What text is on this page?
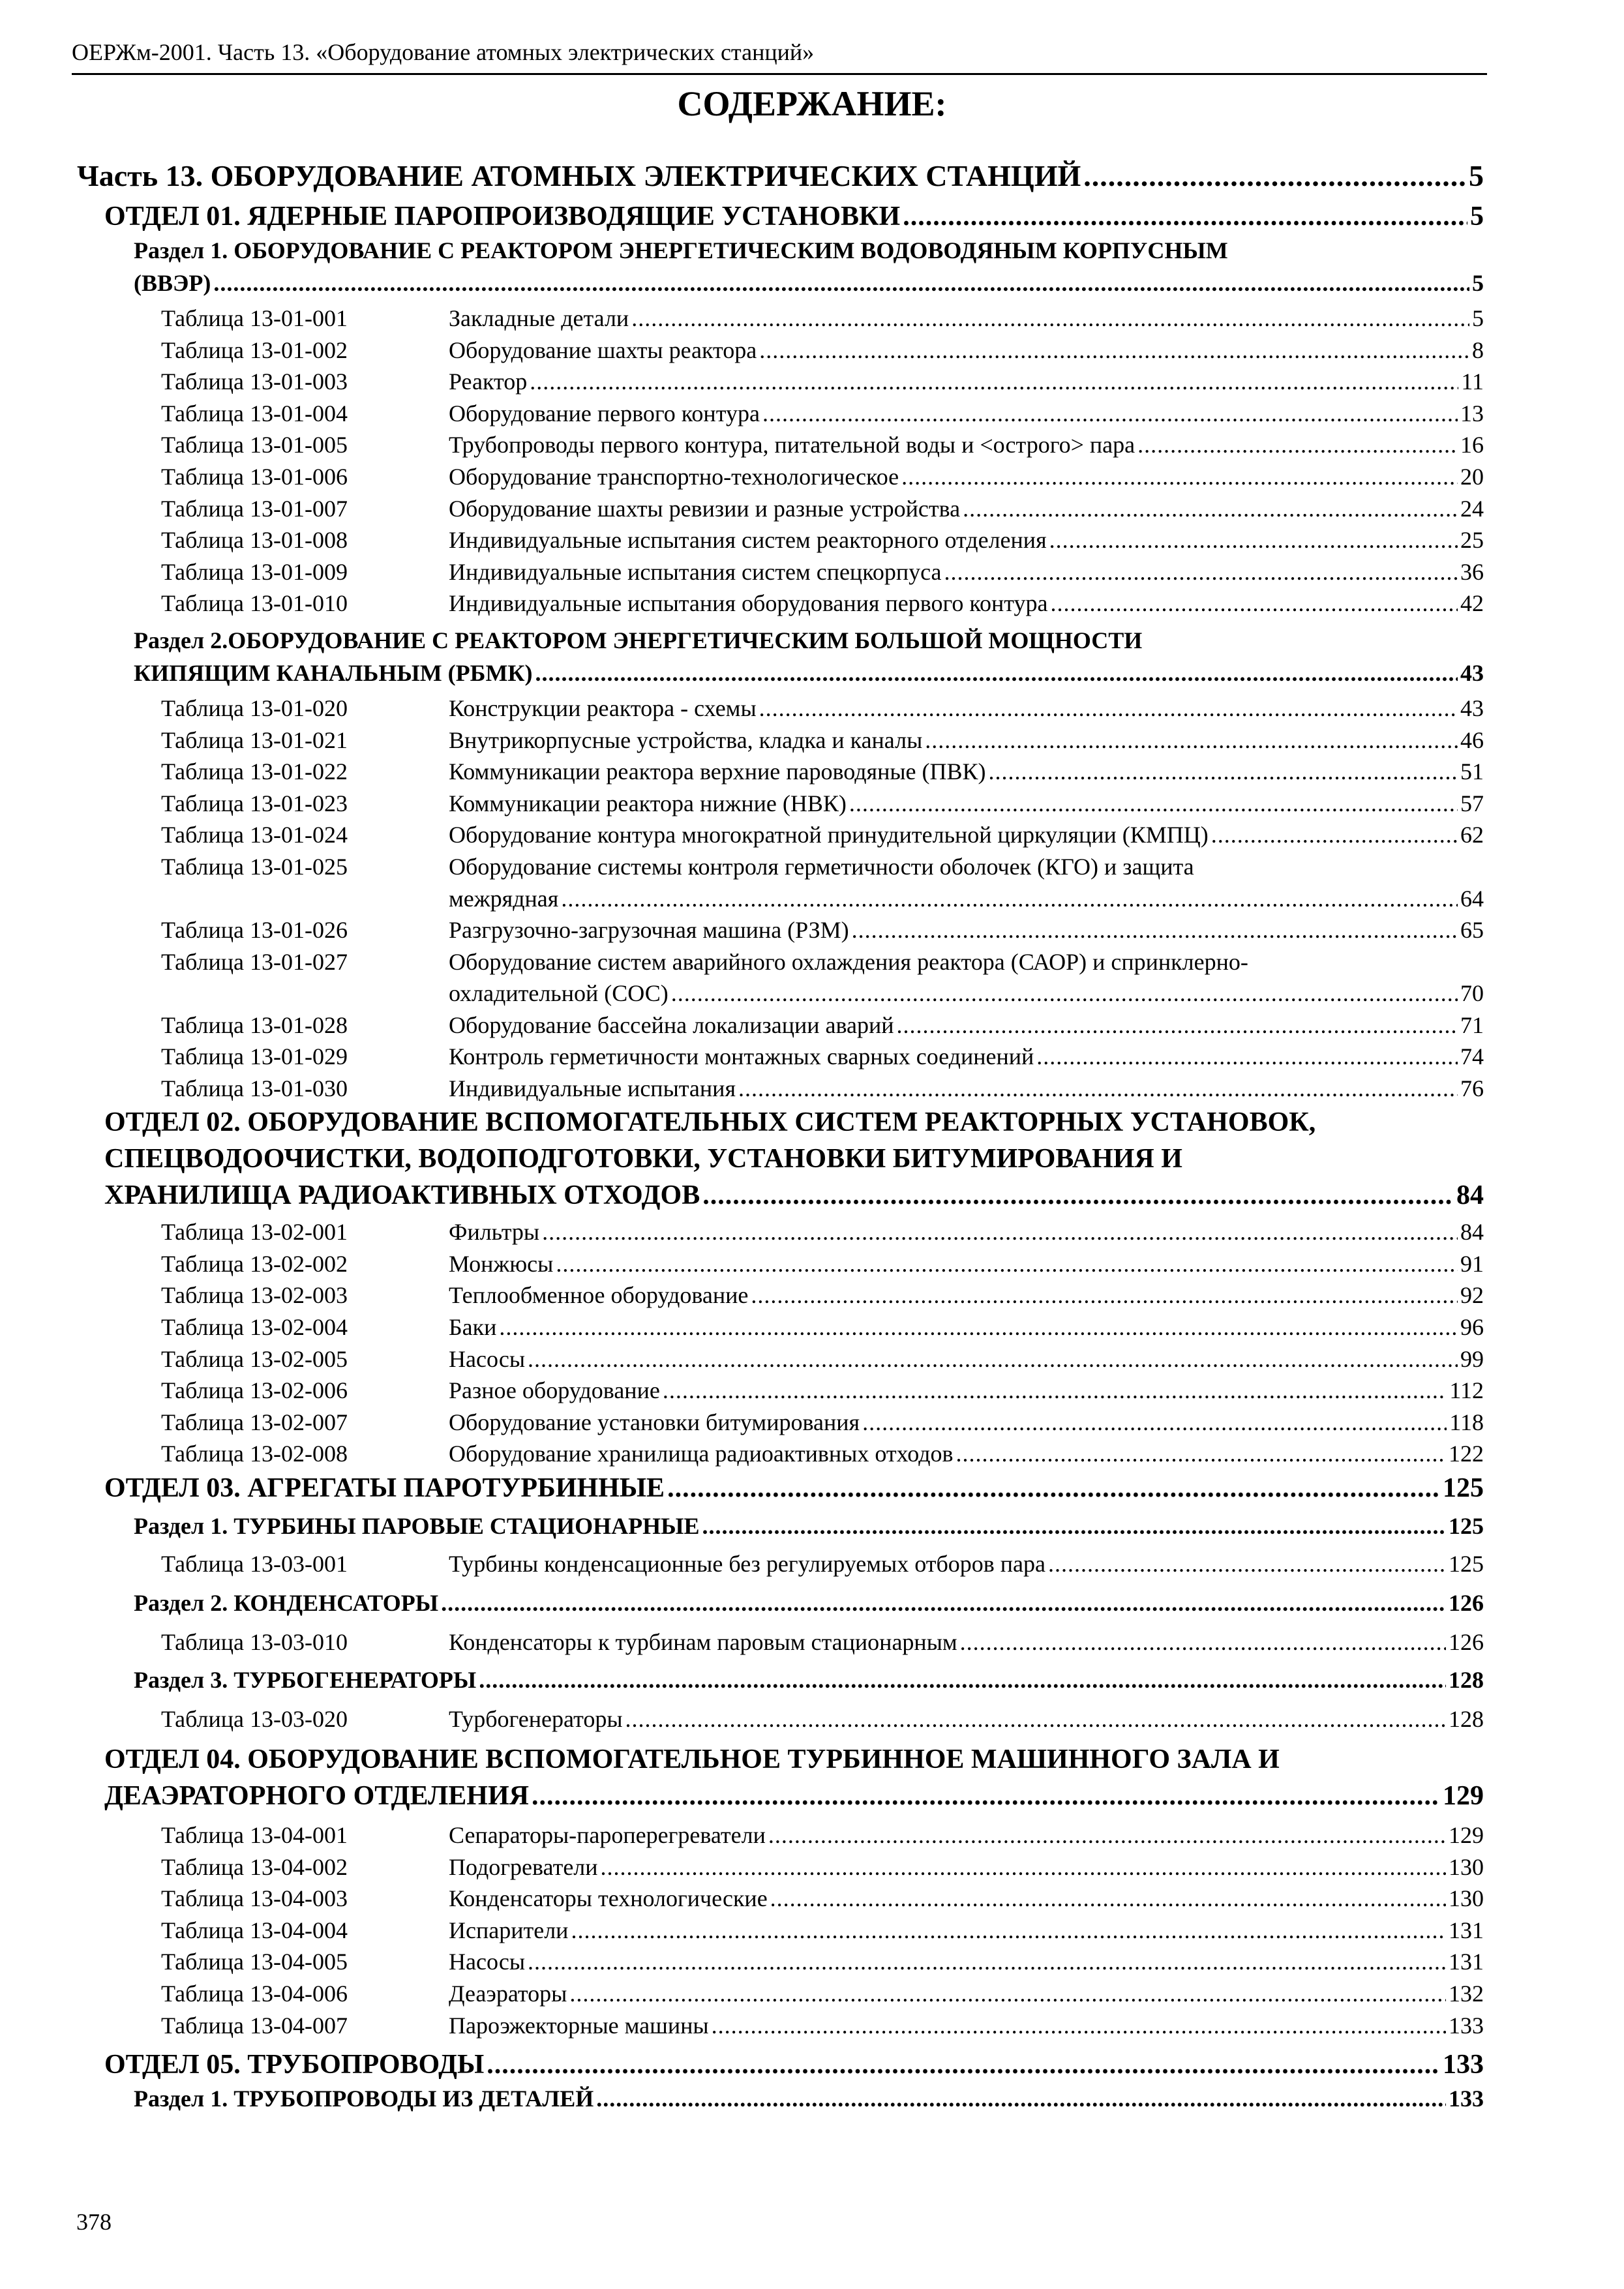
ОЕРЖм-2001. Часть 13. «Оборудование атомных электрических станций»
СОДЕРЖАНИЕ:
Часть 13. ОБОРУДОВАНИЕ АТОМНЫХ ЭЛЕКТРИЧЕСКИХ СТАНЦИЙ .....	5
ОТДЕЛ 01. ЯДЕРНЫЕ ПАРОПРОИЗВОДЯЩИЕ УСТАНОВКИ .....	5
Раздел 1. ОБОРУДОВАНИЕ С РЕАКТОРОМ ЭНЕРГЕТИЧЕСКИМ ВОДОВОДЯНЫМ КОРПУСНЫМ
(ВВЭР) .....	5
Таблица 13-01-001	Закладные детали .....	5
Таблица 13-01-002	Оборудование шахты реактора .....	8
Таблица 13-01-003	Реактор .....	11
Таблица 13-01-004	Оборудование первого контура .....	13
Таблица 13-01-005	Трубопроводы первого контура, питательной воды и <острого> пара .....	16
Таблица 13-01-006	Оборудование транспортно-технологическое .....	20
Таблица 13-01-007	Оборудование шахты ревизии и разные устройства .....	24
Таблица 13-01-008	Индивидуальные испытания систем реакторного отделения .....	25
Таблица 13-01-009	Индивидуальные испытания систем спецкорпуса .....	36
Таблица 13-01-010	Индивидуальные испытания оборудования первого контура .....	42
Раздел 2.ОБОРУДОВАНИЕ С РЕАКТОРОМ ЭНЕРГЕТИЧЕСКИМ БОЛЬШОЙ МОЩНОСТИ
КИПЯЩИМ КАНАЛЬНЫМ (РБМК) .....	43
Таблица 13-01-020	Конструкции реактора - схемы .....	43
Таблица 13-01-021	Внутрикорпусные устройства, кладка и каналы .....	46
Таблица 13-01-022	Коммуникации реактора верхние пароводяные (ПВК) .....	51
Таблица 13-01-023	Коммуникации реактора нижние (НВК) .....	57
Таблица 13-01-024	Оборудование контура многократной принудительной циркуляции (КМПЦ) .....	62
Таблица 13-01-025	Оборудование системы контроля герметичности оболочек (КГО) и защита
межрядная .....	64
Таблица 13-01-026	Разгрузочно-загрузочная машина (РЗМ) .....	65
Таблица 13-01-027	Оборудование систем аварийного охлаждения реактора (САОР) и спринклерно-
охладительной (СОС) .....	70
Таблица 13-01-028	Оборудование бассейна локализации аварий .....	71
Таблица 13-01-029	Контроль герметичности монтажных сварных соединений .....	74
Таблица 13-01-030	Индивидуальные испытания .....	76
ОТДЕЛ 02. ОБОРУДОВАНИЕ ВСПОМОГАТЕЛЬНЫХ СИСТЕМ РЕАКТОРНЫХ УСТАНОВОК,
СПЕЦВОДООЧИСТКИ, ВОДОПОДГОТОВКИ, УСТАНОВКИ БИТУМИРОВАНИЯ И
ХРАНИЛИЩА РАДИОАКТИВНЫХ ОТХОДОВ .....	84
Таблица 13-02-001	Фильтры .....	84
Таблица 13-02-002	Монжюсы .....	91
Таблица 13-02-003	Теплообменное оборудование .....	92
Таблица 13-02-004	Баки .....	96
Таблица 13-02-005	Насосы .....	99
Таблица 13-02-006	Разное оборудование .....	112
Таблица 13-02-007	Оборудование установки битумирования .....	118
Таблица 13-02-008	Оборудование хранилища радиоактивных отходов .....	122
ОТДЕЛ 03. АГРЕГАТЫ ПАРОТУРБИННЫЕ .....	125
Раздел 1. ТУРБИНЫ ПАРОВЫЕ СТАЦИОНАРНЫЕ .....	125
Таблица 13-03-001	Турбины конденсационные без регулируемых отборов пара .....	125
Раздел 2. КОНДЕНСАТОРЫ .....	126
Таблица 13-03-010	Конденсаторы к турбинам паровым стационарным .....	126
Раздел 3. ТУРБОГЕНЕРАТОРЫ .....	128
Таблица 13-03-020	Турбогенераторы .....	128
ОТДЕЛ 04. ОБОРУДОВАНИЕ ВСПОМОГАТЕЛЬНОЕ ТУРБИННОЕ МАШИННОГО ЗАЛА И
ДЕАЭРАТОРНОГО ОТДЕЛЕНИЯ .....	129
Таблица 13-04-001	Сепараторы-пароперегреватели .....	129
Таблица 13-04-002	Подогреватели .....	130
Таблица 13-04-003	Конденсаторы технологические .....	130
Таблица 13-04-004	Испарители .....	131
Таблица 13-04-005	Насосы .....	131
Таблица 13-04-006	Деаэраторы .....	132
Таблица 13-04-007	Пароэжекторные машины .....	133
ОТДЕЛ 05. ТРУБОПРОВОДЫ .....	133
Раздел 1. ТРУБОПРОВОДЫ ИЗ ДЕТАЛЕЙ .....	133
378
